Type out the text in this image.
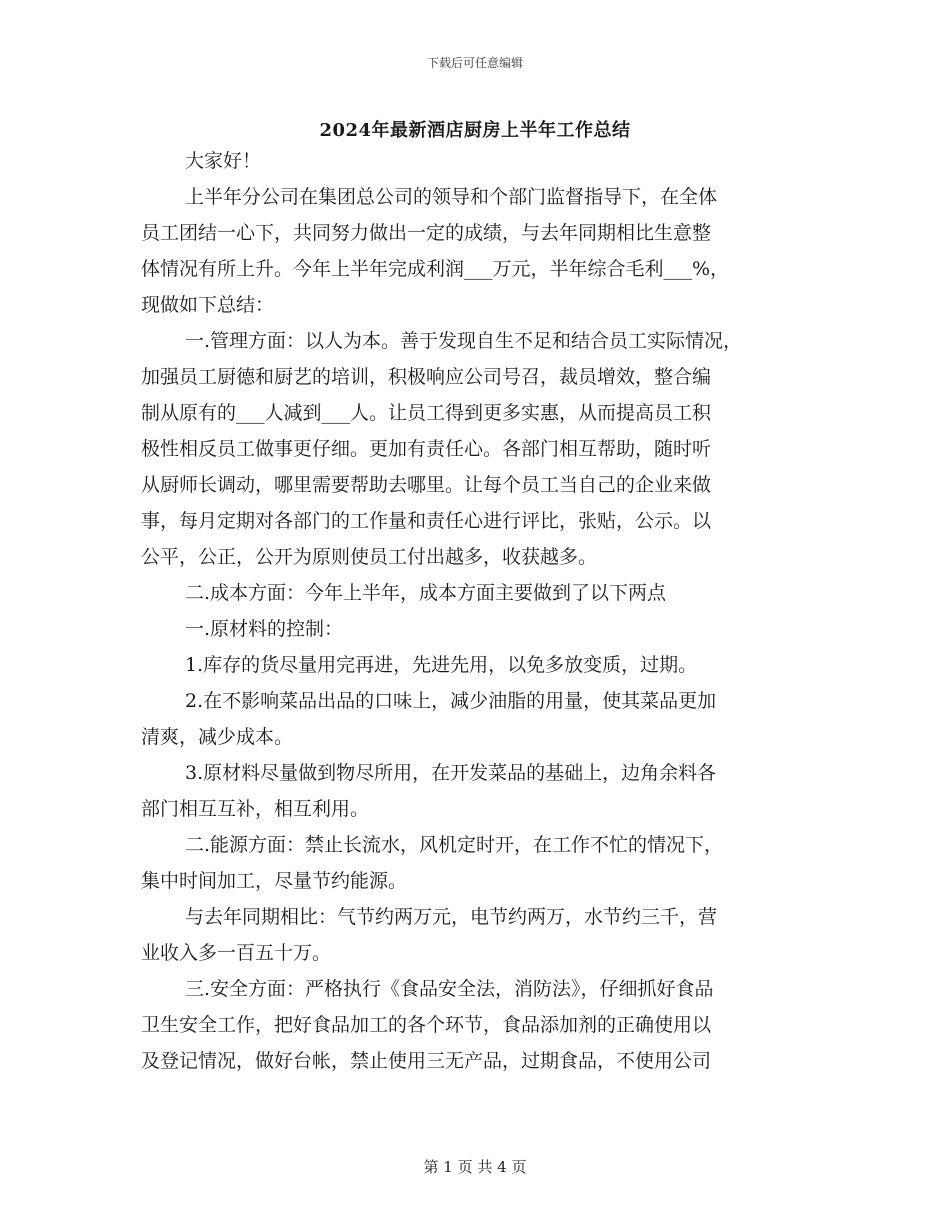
下载后可任意编辑
2024年最新酒店厨房上半年工作总结
大家好！
上半年分公司在集团总公司的领导和个部门监督指导下，在全体
员工团结一心下，共同努力做出一定的成绩，与去年同期相比生意整
体情况有所上升。今年上半年完成利润___万元，半年综合毛利___%，
现做如下总结：
一.管理方面：以人为本。善于发现自生不足和结合员工实际情况，
加强员工厨德和厨艺的培训，积极响应公司号召，裁员增效，整合编
制从原有的___人减到___人。让员工得到更多实惠，从而提高员工积
极性相反员工做事更仔细。更加有责任心。各部门相互帮助，随时听
从厨师长调动，哪里需要帮助去哪里。让每个员工当自己的企业来做
事，每月定期对各部门的工作量和责任心进行评比，张贴，公示。以
公平，公正，公开为原则使员工付出越多，收获越多。
二.成本方面：今年上半年，成本方面主要做到了以下两点
一.原材料的控制：
1.库存的货尽量用完再进，先进先用，以免多放变质，过期。
2.在不影响菜品出品的口味上，减少油脂的用量，使其菜品更加
清爽，减少成本。
3.原材料尽量做到物尽所用，在开发菜品的基础上，边角余料各
部门相互互补，相互利用。
二.能源方面：禁止长流水，风机定时开，在工作不忙的情况下，
集中时间加工，尽量节约能源。
与去年同期相比：气节约两万元，电节约两万，水节约三千，营
业收入多一百五十万。
三.安全方面：严格执行《食品安全法，消防法》，仔细抓好食品
卫生安全工作，把好食品加工的各个环节，食品添加剂的正确使用以
及登记情况，做好台帐，禁止使用三无产品，过期食品，不使用公司
第 1 页 共 4 页
